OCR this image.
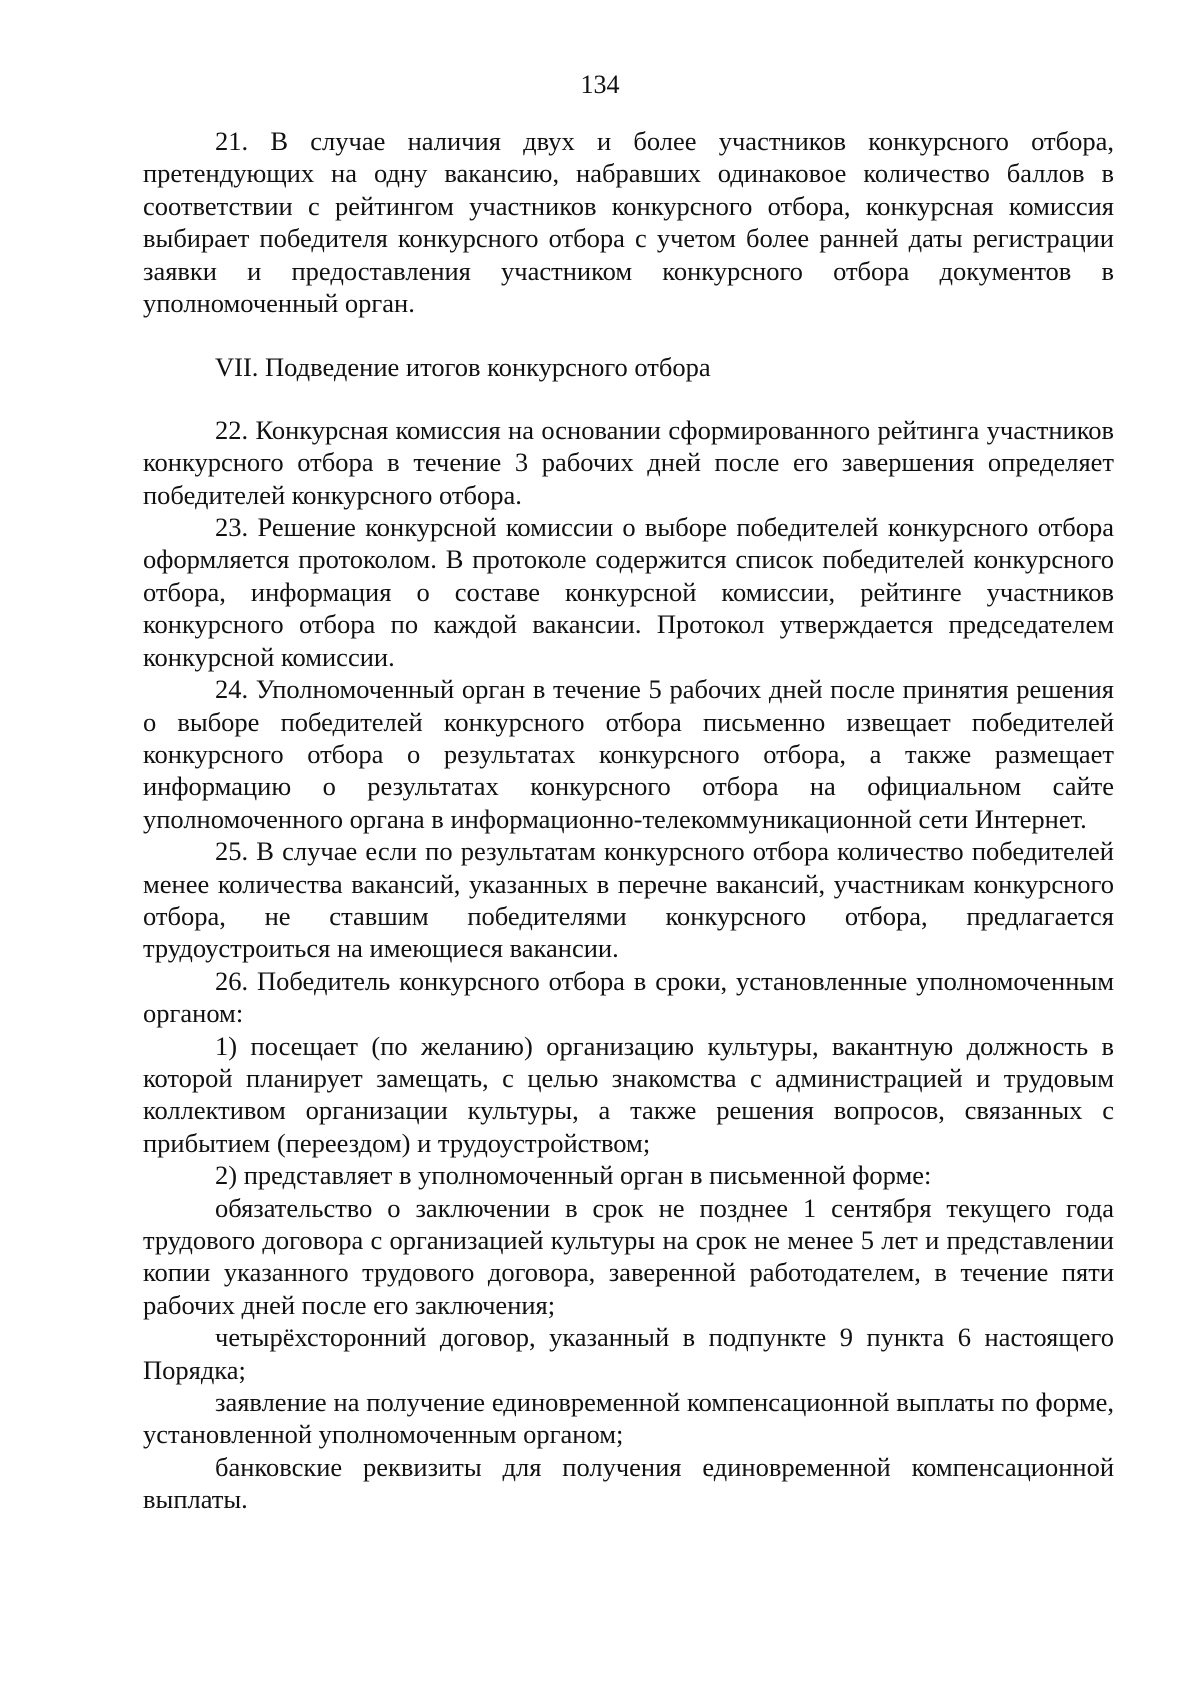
134

21. В случае наличия двух и более участников конкурсного отбора, претендующих на одну вакансию, набравших одинаковое количество баллов в соответствии с рейтингом участников конкурсного отбора, конкурсная комиссия выбирает победителя конкурсного отбора с учетом более ранней даты регистрации заявки и предоставления участником конкурсного отбора документов в уполномоченный орган.

VII. Подведение итогов конкурсного отбора

22. Конкурсная комиссия на основании сформированного рейтинга участников конкурсного отбора в течение 3 рабочих дней после его завершения определяет победителей конкурсного отбора.

23. Решение конкурсной комиссии о выборе победителей конкурсного отбора оформляется протоколом. В протоколе содержится список победителей конкурсного отбора, информация о составе конкурсной комиссии, рейтинге участников конкурсного отбора по каждой вакансии. Протокол утверждается председателем конкурсной комиссии.

24. Уполномоченный орган в течение 5 рабочих дней после принятия решения о выборе победителей конкурсного отбора письменно извещает победителей конкурсного отбора о результатах конкурсного отбора, а также размещает информацию о результатах конкурсного отбора на официальном сайте уполномоченного органа в информационно-телекоммуникационной сети Интернет.

25. В случае если по результатам конкурсного отбора количество победителей менее количества вакансий, указанных в перечне вакансий, участникам конкурсного отбора, не ставшим победителями конкурсного отбора, предлагается трудоустроиться на имеющиеся вакансии.

26. Победитель конкурсного отбора в сроки, установленные уполномоченным органом:

1) посещает (по желанию) организацию культуры, вакантную должность в которой планирует замещать, с целью знакомства с администрацией и трудовым коллективом организации культуры, а также решения вопросов, связанных с прибытием (переездом) и трудоустройством;

2) представляет в уполномоченный орган в письменной форме:

обязательство о заключении в срок не позднее 1 сентября текущего года трудового договора с организацией культуры на срок не менее 5 лет и представлении копии указанного трудового договора, заверенной работодателем, в течение пяти рабочих дней после его заключения;

четырёхсторонний договор, указанный в подпункте 9 пункта 6 настоящего Порядка;

заявление на получение единовременной компенсационной выплаты по форме, установленной уполномоченным органом;

банковские реквизиты для получения единовременной компенсационной выплаты.
